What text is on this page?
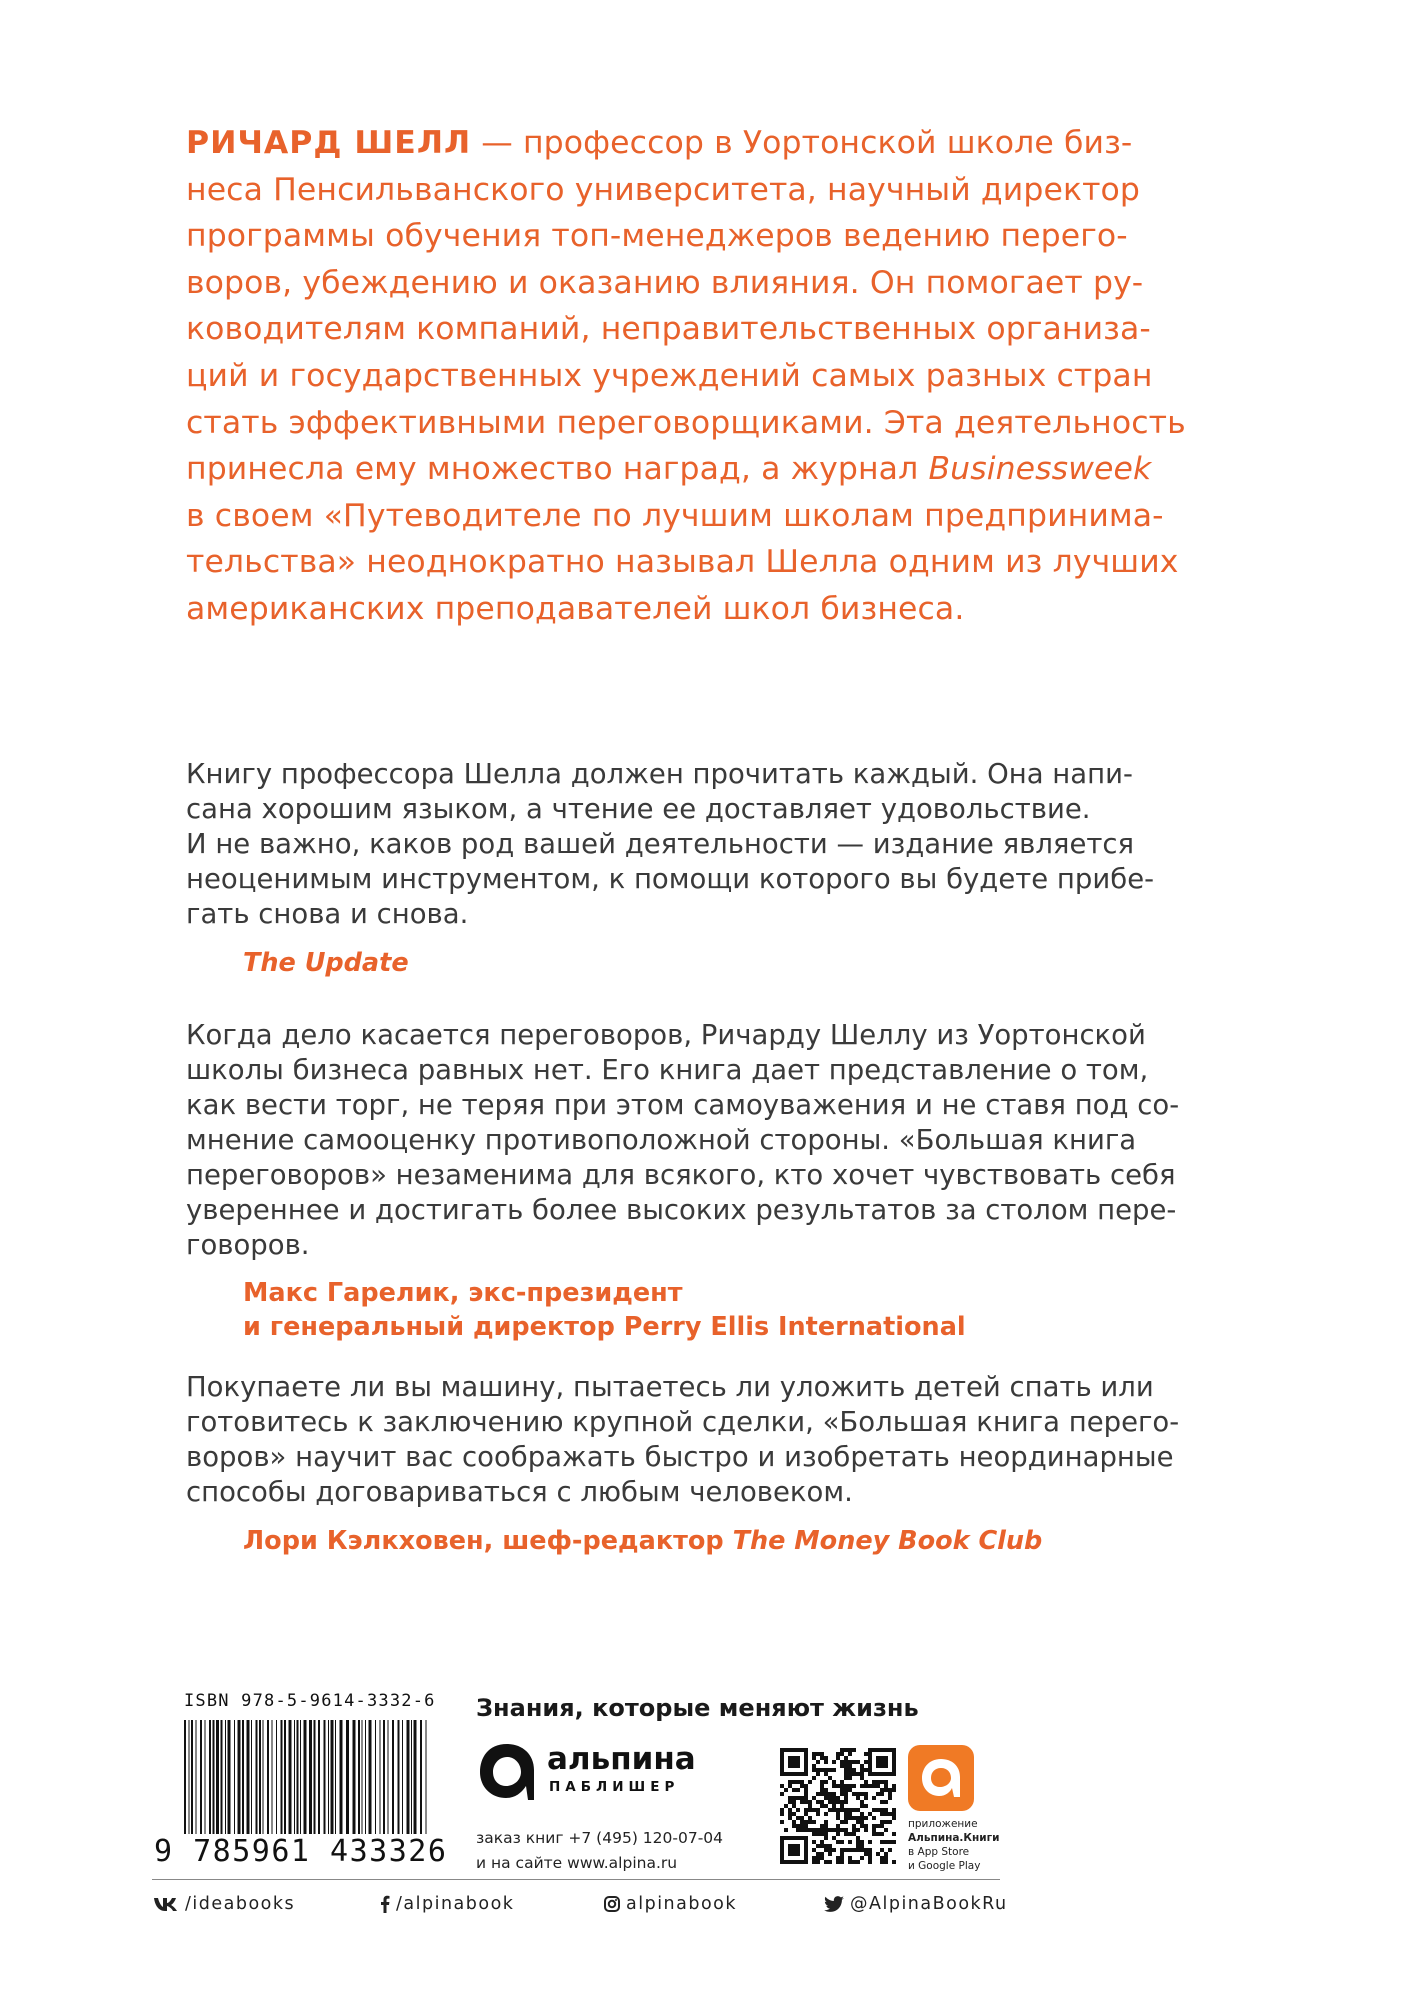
РИЧАРД ШЕЛЛ — профессор в Уортонской школе биз-
неса Пенсильванского университета, научный директор
программы обучения топ-менеджеров ведению перего-
воров, убеждению и оказанию влияния. Он помогает ру-
ководителям компаний, неправительственных организа-
ций и государственных учреждений самых разных стран
стать эффективными переговорщиками. Эта деятельность
принесла ему множество наград, а журнал Businessweek
в своем «Путеводителе по лучшим школам предпринима-
тельства» неоднократно называл Шелла одним из лучших
американских преподавателей школ бизнеса.
Книгу профессора Шелла должен прочитать каждый. Она напи-
сана хорошим языком, а чтение ее доставляет удовольствие.
И не важно, каков род вашей деятельности — издание является
неоценимым инструментом, к помощи которого вы будете прибе-
гать снова и снова.
The Update
Когда дело касается переговоров, Ричарду Шеллу из Уортонской
школы бизнеса равных нет. Его книга дает представление о том,
как вести торг, не теряя при этом самоуважения и не ставя под со-
мнение самооценку противоположной стороны. «Большая книга
переговоров» незаменима для всякого, кто хочет чувствовать себя
увереннее и достигать более высоких результатов за столом пере-
говоров.
Макс Гарелик, экс-президент
и генеральный директор Perry Ellis International
Покупаете ли вы машину, пытаетесь ли уложить детей спать или
готовитесь к заключению крупной сделки, «Большая книга перего-
воров» научит вас соображать быстро и изобретать неординарные
способы договариваться с любым человеком.
Лори Кэлкховен, шеф-редактор The Money Book Club
ISBN 978-5-9614-3332-6
9 785961 433326
Знания, которые меняют жизнь
альпина
ПАБЛИШЕР
заказ книг +7 (495) 120-07-04
и на сайте www.alpina.ru
приложение
Альпина.Книги
в App Store
и Google Play
/ideabooks	/alpinabook	alpinabook	@AlpinaBookRu
